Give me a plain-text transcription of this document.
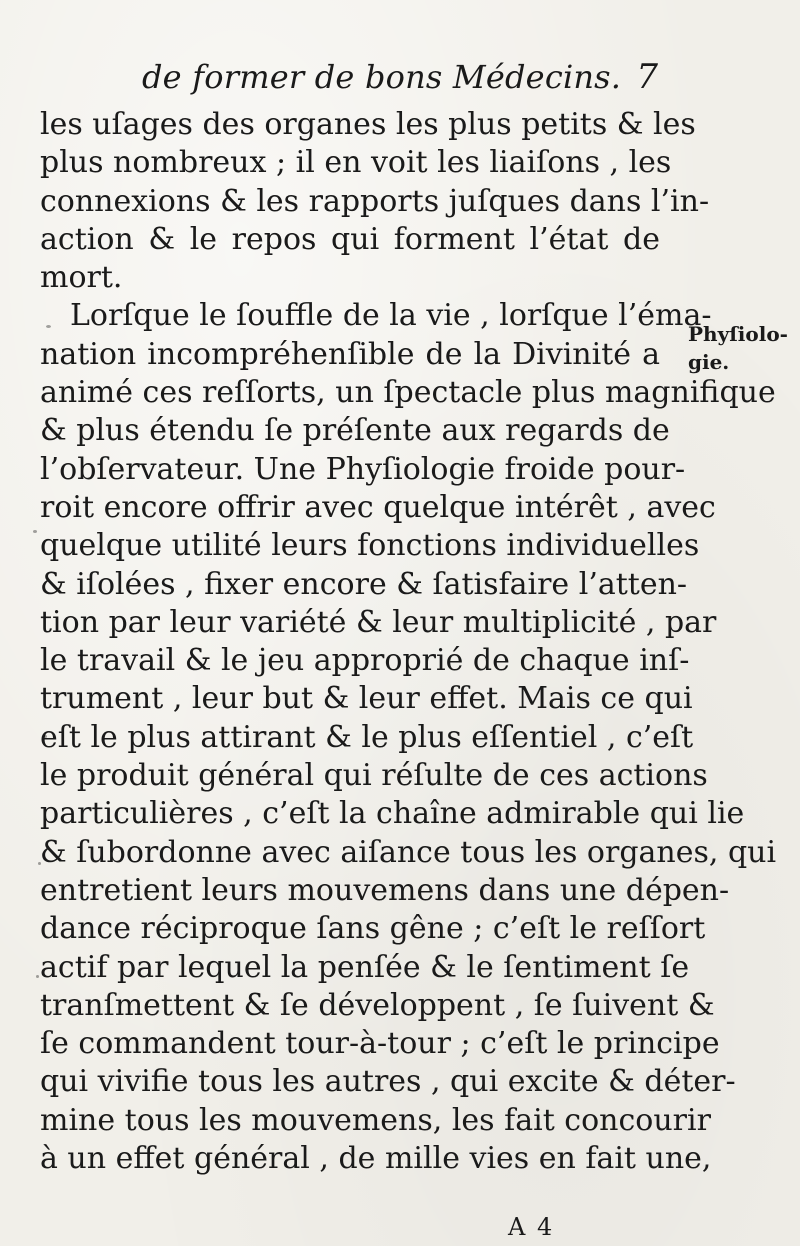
de former de bons Médecins. 7
les uſages des organes les plus petits & les
plus nombreux ; il en voit les liaiſons , les
connexions & les rapports juſques dans l’in-
action & le repos qui forment l’état de
mort.
Lorſque le ſouffle de la vie , lorſque l’éma-
nation incompréhenſible de la Divinité a
animé ces reſſorts, un ſpectacle plus magnifique
& plus étendu ſe préſente aux regards de
l’obſervateur. Une Phyſiologie froide pour-
roit encore offrir avec quelque intérêt , avec
quelque utilité leurs fonctions individuelles
& iſolées , fixer encore & ſatisfaire l’atten-
tion par leur variété & leur multiplicité , par
le travail & le jeu approprié de chaque inſ-
trument , leur but & leur effet. Mais ce qui
eſt le plus attirant & le plus eſſentiel , c’eſt
le produit général qui réſulte de ces actions
particulières , c’eſt la chaîne admirable qui lie
& ſubordonne avec aiſance tous les organes, qui
entretient leurs mouvemens dans une dépen-
dance réciproque ſans gêne ; c’eſt le reſſort
actif par lequel la penſée & le ſentiment ſe
tranſmettent & ſe développent , ſe ſuivent &
ſe commandent tour-à-tour ; c’eſt le principe
qui vivifie tous les autres , qui excite & déter-
mine tous les mouvemens, les fait concourir
à un effet général , de mille vies en fait une,
Phyſiolo-
gie.
A 4
